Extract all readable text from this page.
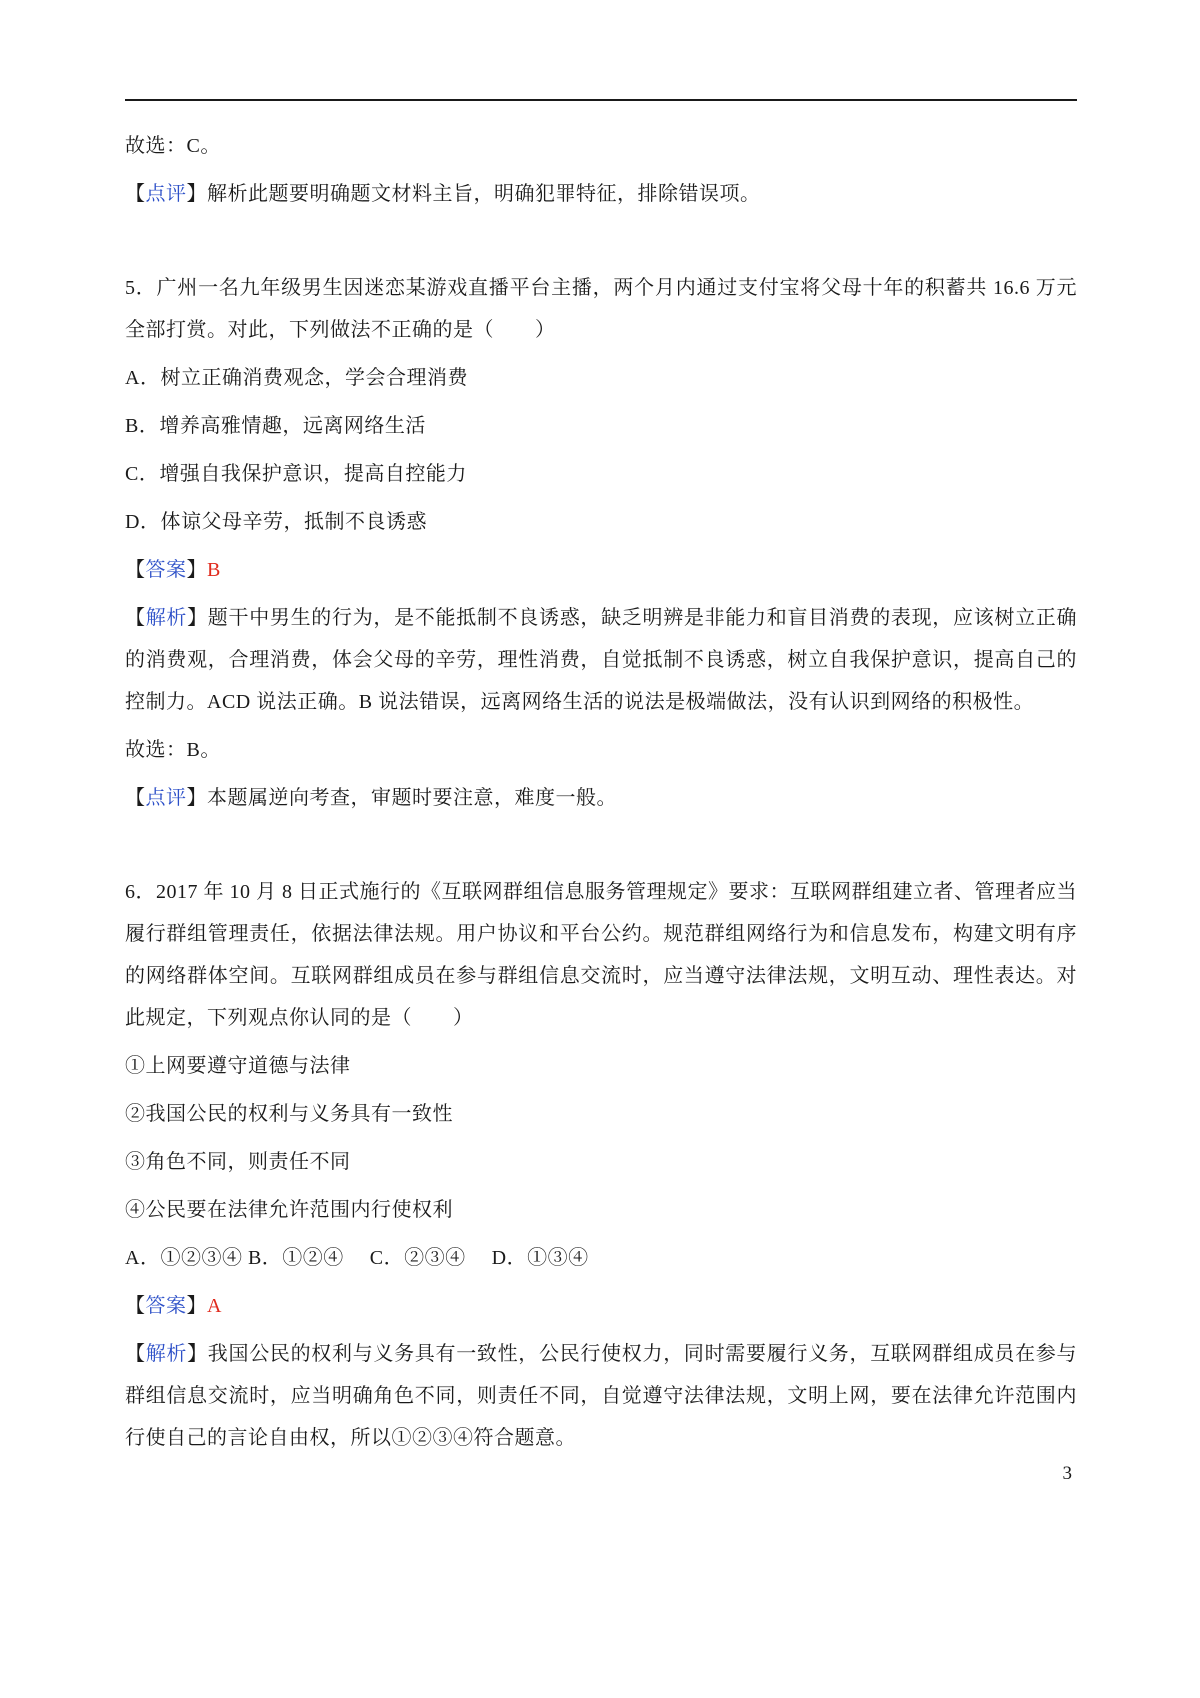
故选：C。

【点评】解析此题要明确题文材料主旨，明确犯罪特征，排除错误项。

5．广州一名九年级男生因迷恋某游戏直播平台主播，两个月内通过支付宝将父母十年的积蓄共 16.6 万元全部打赏。对此，下列做法不正确的是（　　）

A．树立正确消费观念，学会合理消费

B．增养高雅情趣，远离网络生活

C．增强自我保护意识，提高自控能力

D．体谅父母辛劳，抵制不良诱惑

【答案】B

【解析】题干中男生的行为，是不能抵制不良诱惑，缺乏明辨是非能力和盲目消费的表现，应该树立正确的消费观，合理消费，体会父母的辛劳，理性消费，自觉抵制不良诱惑，树立自我保护意识，提高自己的控制力。ACD 说法正确。B 说法错误，远离网络生活的说法是极端做法，没有认识到网络的积极性。

故选：B。

【点评】本题属逆向考查，审题时要注意，难度一般。

6．2017 年 10 月 8 日正式施行的《互联网群组信息服务管理规定》要求：互联网群组建立者、管理者应当履行群组管理责任，依据法律法规。用户协议和平台公约。规范群组网络行为和信息发布，构建文明有序的网络群体空间。互联网群组成员在参与群组信息交流时，应当遵守法律法规，文明互动、理性表达。对此规定，下列观点你认同的是（　　）

①上网要遵守道德与法律

②我国公民的权利与义务具有一致性

③角色不同，则责任不同

④公民要在法律允许范围内行使权利

A．①②③④ B．①②④　 C．②③④　 D．①③④

【答案】A

【解析】我国公民的权利与义务具有一致性，公民行使权力，同时需要履行义务，互联网群组成员在参与群组信息交流时，应当明确角色不同，则责任不同，自觉遵守法律法规，文明上网，要在法律允许范围内行使自己的言论自由权，所以①②③④符合题意。

3
